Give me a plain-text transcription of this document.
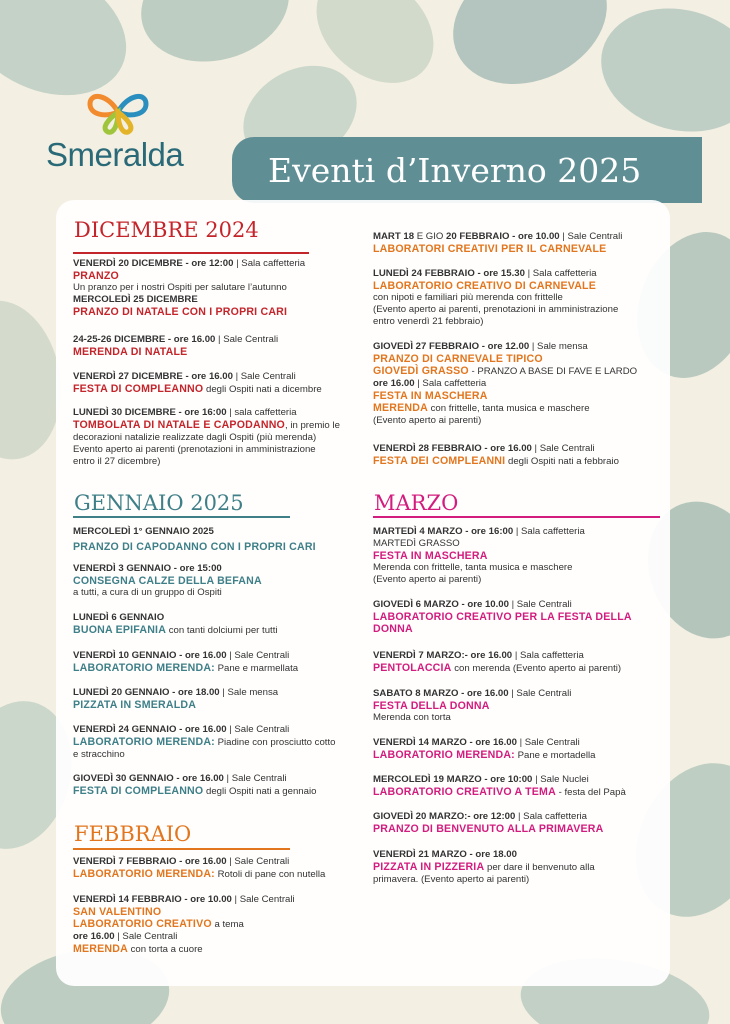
Smeralda	Eventi d’Inverno 2025
DICEMBRE 2024
VENERDÌ 20 DICEMBRE - ore 12:00 | Sala caffetteria
PRANZO
Un pranzo per i nostri Ospiti per salutare l’autunno
MERCOLEDÌ 25 DICEMBRE
PRANZO DI NATALE CON I PROPRI CARI
24-25-26 DICEMBRE - ore 16.00 | Sale Centrali
MERENDA DI NATALE
VENERDÌ 27 DICEMBRE - ore 16.00 | Sale Centrali
FESTA DI COMPLEANNO degli Ospiti nati a dicembre
LUNEDÌ 30 DICEMBRE - ore 16:00 | sala caffetteria
TOMBOLATA DI NATALE E CAPODANNO, in premio le
decorazioni natalizie realizzate dagli Ospiti (più merenda)
Evento aperto ai parenti (prenotazioni in amministrazione
entro il 27 dicembre)
GENNAIO 2025
MERCOLEDÌ 1° GENNAIO 2025
PRANZO DI CAPODANNO CON I PROPRI CARI
VENERDÌ 3 GENNAIO - ore 15:00
CONSEGNA CALZE DELLA BEFANA
a tutti, a cura di un gruppo di Ospiti
LUNEDÌ 6 GENNAIO
BUONA EPIFANIA con tanti dolciumi per tutti
VENERDÌ 10 GENNAIO - ore 16.00 | Sale Centrali
LABORATORIO MERENDA: Pane e marmellata
LUNEDÌ 20 GENNAIO - ore 18.00 | Sale mensa
PIZZATA IN SMERALDA
VENERDÌ 24 GENNAIO - ore 16.00 | Sale Centrali
LABORATORIO MERENDA: Piadine con prosciutto cotto
e stracchino
GIOVEDÌ 30 GENNAIO - ore 16.00 | Sale Centrali
FESTA DI COMPLEANNO degli Ospiti nati a gennaio
FEBBRAIO
VENERDÌ 7 FEBBRAIO - ore 16.00 | Sale Centrali
LABORATORIO MERENDA: Rotoli di pane con nutella
VENERDÌ 14 FEBBRAIO - ore 10.00 | Sale Centrali
SAN VALENTINO
LABORATORIO CREATIVO a tema
ore 16.00 | Sale Centrali
MERENDA con torta a cuore
MART 18 E GIO 20 FEBBRAIO - ore 10.00 | Sale Centrali
LABORATORI CREATIVI PER IL CARNEVALE
LUNEDÌ 24 FEBBRAIO - ore 15.30 | Sala caffetteria
LABORATORIO CREATIVO DI CARNEVALE
con nipoti e familiari più merenda con frittelle
(Evento aperto ai parenti, prenotazioni in amministrazione
entro venerdì 21 febbraio)
GIOVEDÌ 27 FEBBRAIO - ore 12.00 | Sale mensa
PRANZO DI CARNEVALE TIPICO
GIOVEDÌ GRASSO - PRANZO A BASE DI FAVE E LARDO
ore 16.00 | Sala caffetteria
FESTA IN MASCHERA
MERENDA con frittelle, tanta musica e maschere
(Evento aperto ai parenti)
VENERDÌ 28 FEBBRAIO - ore 16.00 | Sale Centrali
FESTA DEI COMPLEANNI degli Ospiti nati a febbraio
MARZO
MARTEDÌ 4 MARZO - ore 16:00 | Sala caffetteria
MARTEDÌ GRASSO
FESTA IN MASCHERA
Merenda con frittelle, tanta musica e maschere
(Evento aperto ai parenti)
GIOVEDÌ 6 MARZO - ore 10.00 | Sale Centrali
LABORATORIO CREATIVO PER LA FESTA DELLA
DONNA
VENERDÌ 7 MARZO:- ore 16.00 | Sala caffetteria
PENTOLACCIA con merenda (Evento aperto ai parenti)
SABATO 8 MARZO - ore 16.00 | Sale Centrali
FESTA DELLA DONNA
Merenda con torta
VENERDÌ 14 MARZO - ore 16.00 | Sale Centrali
LABORATORIO MERENDA: Pane e mortadella
MERCOLEDÌ 19 MARZO - ore 10:00 | Sale Nuclei
LABORATORIO CREATIVO A TEMA - festa del Papà
GIOVEDÌ 20 MARZO:- ore 12:00 | Sala caffetteria
PRANZO DI BENVENUTO ALLA PRIMAVERA
VENERDÌ 21 MARZO - ore 18.00
PIZZATA IN PIZZERIA per dare il benvenuto alla
primavera. (Evento aperto ai parenti)
